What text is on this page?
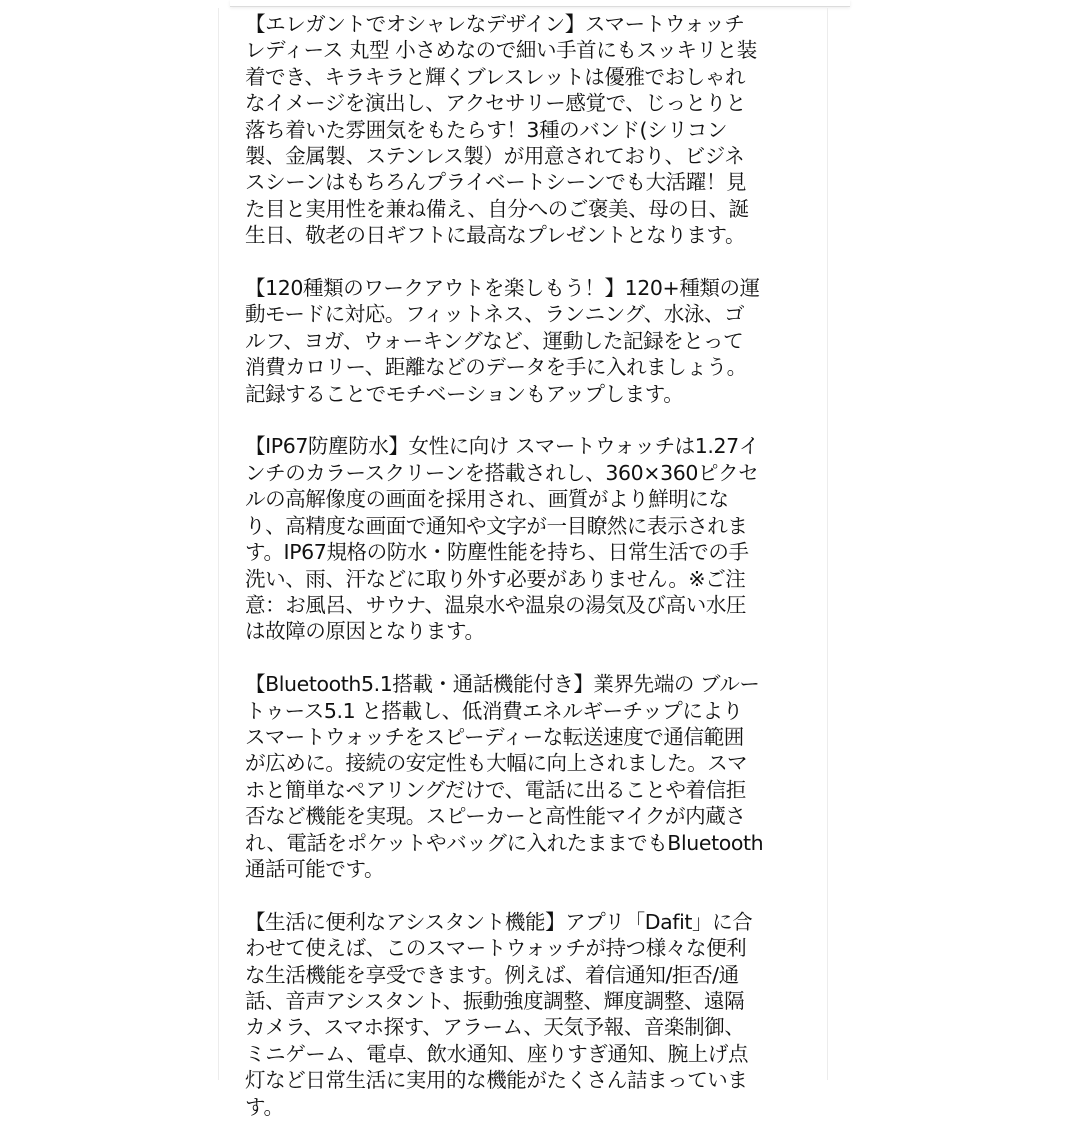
【エレガントでオシャレなデザイン】スマートウォッチ
レディース 丸型 小さめなので細い手首にもスッキリと装
着でき、キラキラと輝くブレスレットは優雅でおしゃれ
なイメージを演出し、アクセサリー感覚で、じっとりと
落ち着いた雰囲気をもたらす！3種のバンド(シリコン
製、金属製、ステンレス製）が用意されており、ビジネ
スシーンはもちろんプライベートシーンでも大活躍！見
た目と実用性を兼ね備え、自分へのご褒美、母の日、誕
生日、敬老の日ギフトに最高なプレゼントとなります。

【120種類のワークアウトを楽しもう！】120+種類の運
動モードに対応。フィットネス、ランニング、水泳、ゴ
ルフ、ヨガ、ウォーキングなど、運動した記録をとって
消費カロリー、距離などのデータを手に入れましょう。
記録することでモチベーションもアップします。

【IP67防塵防水】女性に向け スマートウォッチは1.27イ
ンチのカラースクリーンを搭載されし、360×360ピクセ
ルの高解像度の画面を採用され、画質がより鮮明にな
り、高精度な画面で通知や文字が一目瞭然に表示されま
す。IP67規格の防水・防塵性能を持ち、日常生活での手
洗い、雨、汗などに取り外す必要がありません。※ご注
意：お風呂、サウナ、温泉水や温泉の湯気及び高い水圧
は故障の原因となります。

【Bluetooth5.1搭載・通話機能付き】業界先端の ブルー
トゥース5.1 と搭載し、低消費エネルギーチップにより
スマートウォッチをスピーディーな転送速度で通信範囲
が広めに。接続の安定性も大幅に向上されました。スマ
ホと簡単なペアリングだけで、電話に出ることや着信拒
否など機能を実現。スピーカーと高性能マイクが内蔵さ
れ、電話をポケットやバッグに入れたままでもBluetooth
通話可能です。

【生活に便利なアシスタント機能】アプリ「Dafit」に合
わせて使えば、このスマートウォッチが持つ様々な便利
な生活機能を享受できます。例えば、着信通知/拒否/通
話、音声アシスタント、振動強度調整、輝度調整、遠隔
カメラ、スマホ探す、アラーム、天気予報、音楽制御、
ミニゲーム、電卓、飲水通知、座りすぎ通知、腕上げ点
灯など日常生活に実用的な機能がたくさん詰まっていま
す。
